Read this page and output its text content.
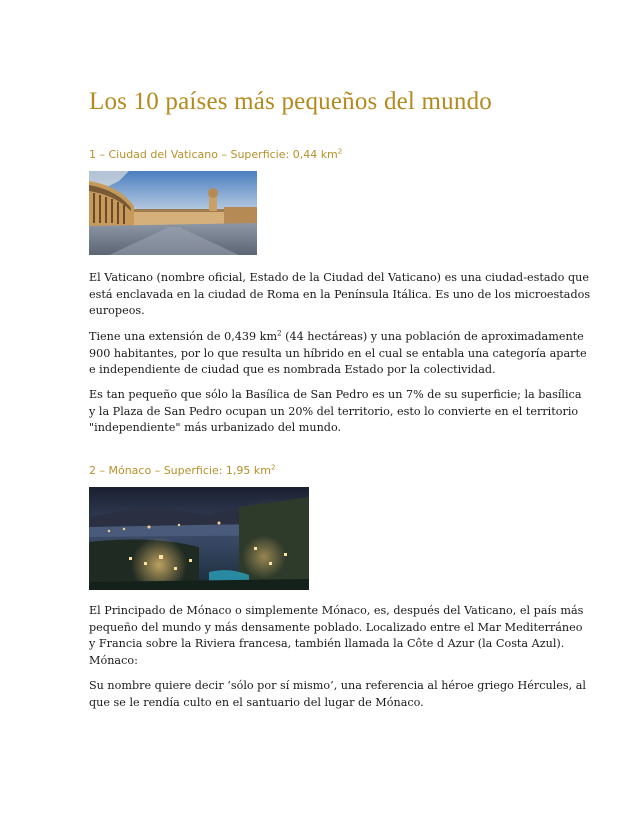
Los 10 países más pequeños del mundo
1 – Ciudad del Vaticano – Superficie: 0,44 $km^2$
El Vaticano (nombre oficial, Estado de la Ciudad del Vaticano) es una ciudad-estado que
está enclavada en la ciudad de Roma en la Península Itálica. Es uno de los microestados
europeos.
Tiene una extensión de 0,439 $km^2$ (44 hectáreas) y una población de aproximadamente
900 habitantes, por lo que resulta un híbrido en el cual se entabla una categoría aparte
e independiente de ciudad que es nombrada Estado por la colectividad.
Es tan pequeño que sólo la Basílica de San Pedro es un 7% de su superficie; la basílica
y la Plaza de San Pedro ocupan un 20% del territorio, esto lo convierte en el territorio
"independiente" más urbanizado del mundo.
2 – Mónaco – Superficie: 1,95 $km^2$
El Principado de Mónaco o simplemente Mónaco, es, después del Vaticano, el país más
pequeño del mundo y más densamente poblado. Localizado entre el Mar Mediterráneo
y Francia sobre la Riviera francesa, también llamada la Côte d Azur (la Costa Azul).
Mónaco:
Su nombre quiere decir ‘sólo por sí mismo’, una referencia al héroe griego Hércules, al
que se le rendía culto en el santuario del lugar de Mónaco.
